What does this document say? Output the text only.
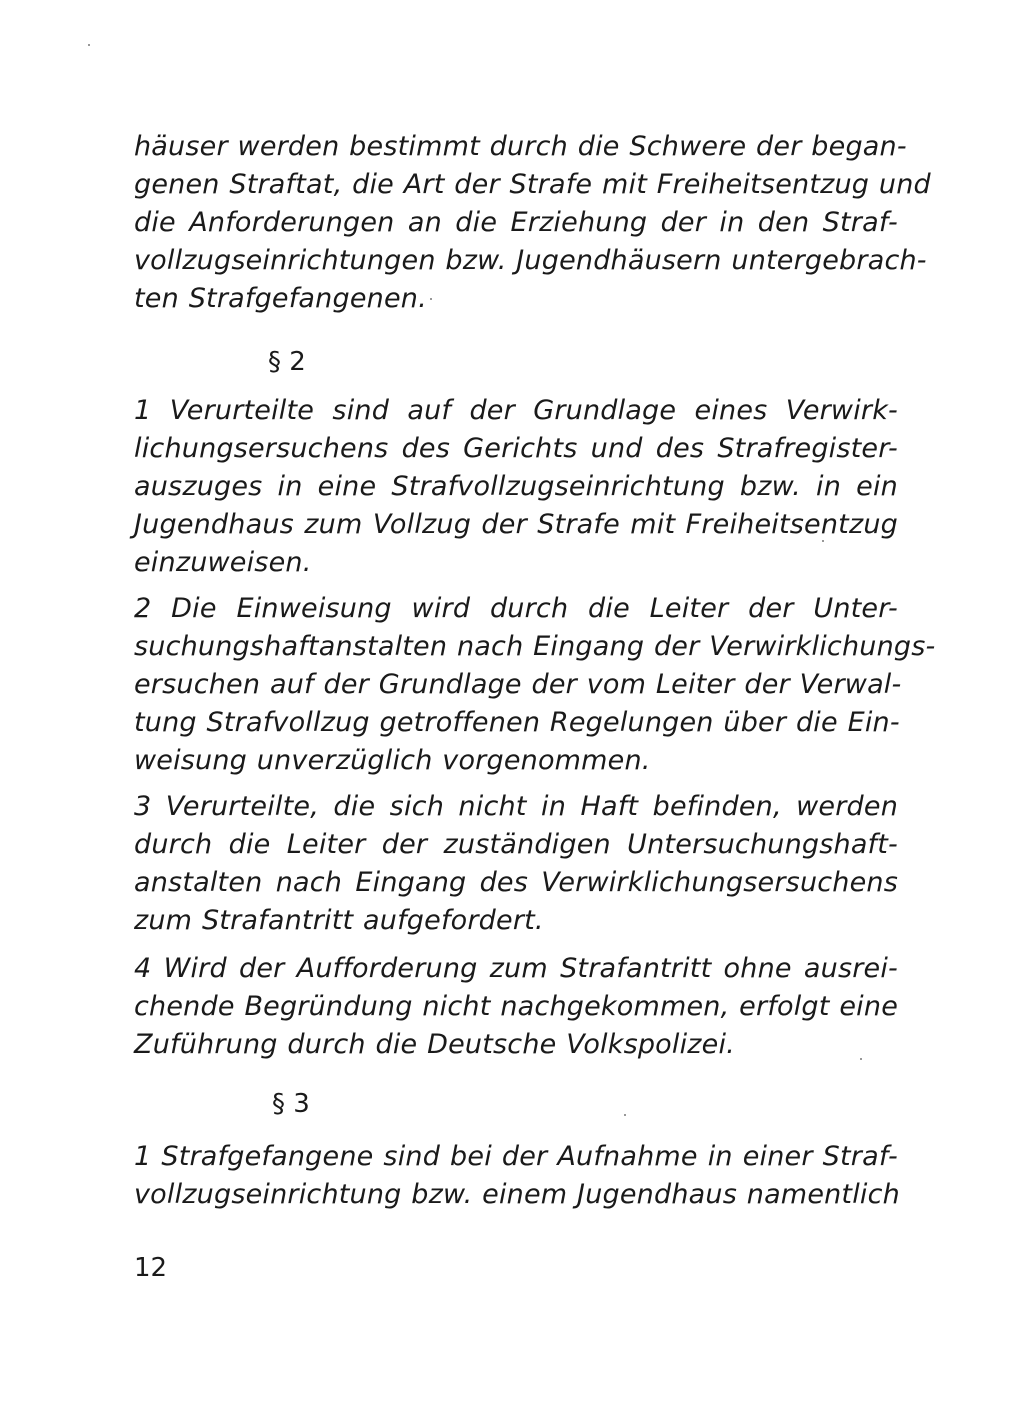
häuser werden bestimmt durch die Schwere der began-

genen Straftat, die Art der Strafe mit Freiheitsentzug und

die Anforderungen an die Erziehung der in den Straf-

vollzugseinrichtungen bzw. Jugendhäusern untergebrach-

ten Strafgefangenen.

§ 2

1 Verurteilte sind auf der Grundlage eines Verwirk-

lichungsersuchens des Gerichts und des Strafregister-

auszuges in eine Strafvollzugseinrichtung bzw. in ein

Jugendhaus zum Vollzug der Strafe mit Freiheitsentzug

einzuweisen.

2 Die Einweisung wird durch die Leiter der Unter-

suchungshaftanstalten nach Eingang der Verwirklichungs-

ersuchen auf der Grundlage der vom Leiter der Verwal-

tung Strafvollzug getroffenen Regelungen über die Ein-

weisung unverzüglich vorgenommen.

3 Verurteilte, die sich nicht in Haft befinden, werden

durch die Leiter der zuständigen Untersuchungshaft-

anstalten nach Eingang des Verwirklichungsersuchens

zum Strafantritt aufgefordert.

4 Wird der Aufforderung zum Strafantritt ohne ausrei-

chende Begründung nicht nachgekommen, erfolgt eine

Zuführung durch die Deutsche Volkspolizei.

§ 3

1 Strafgefangene sind bei der Aufnahme in einer Straf-

vollzugseinrichtung bzw. einem Jugendhaus namentlich

12
